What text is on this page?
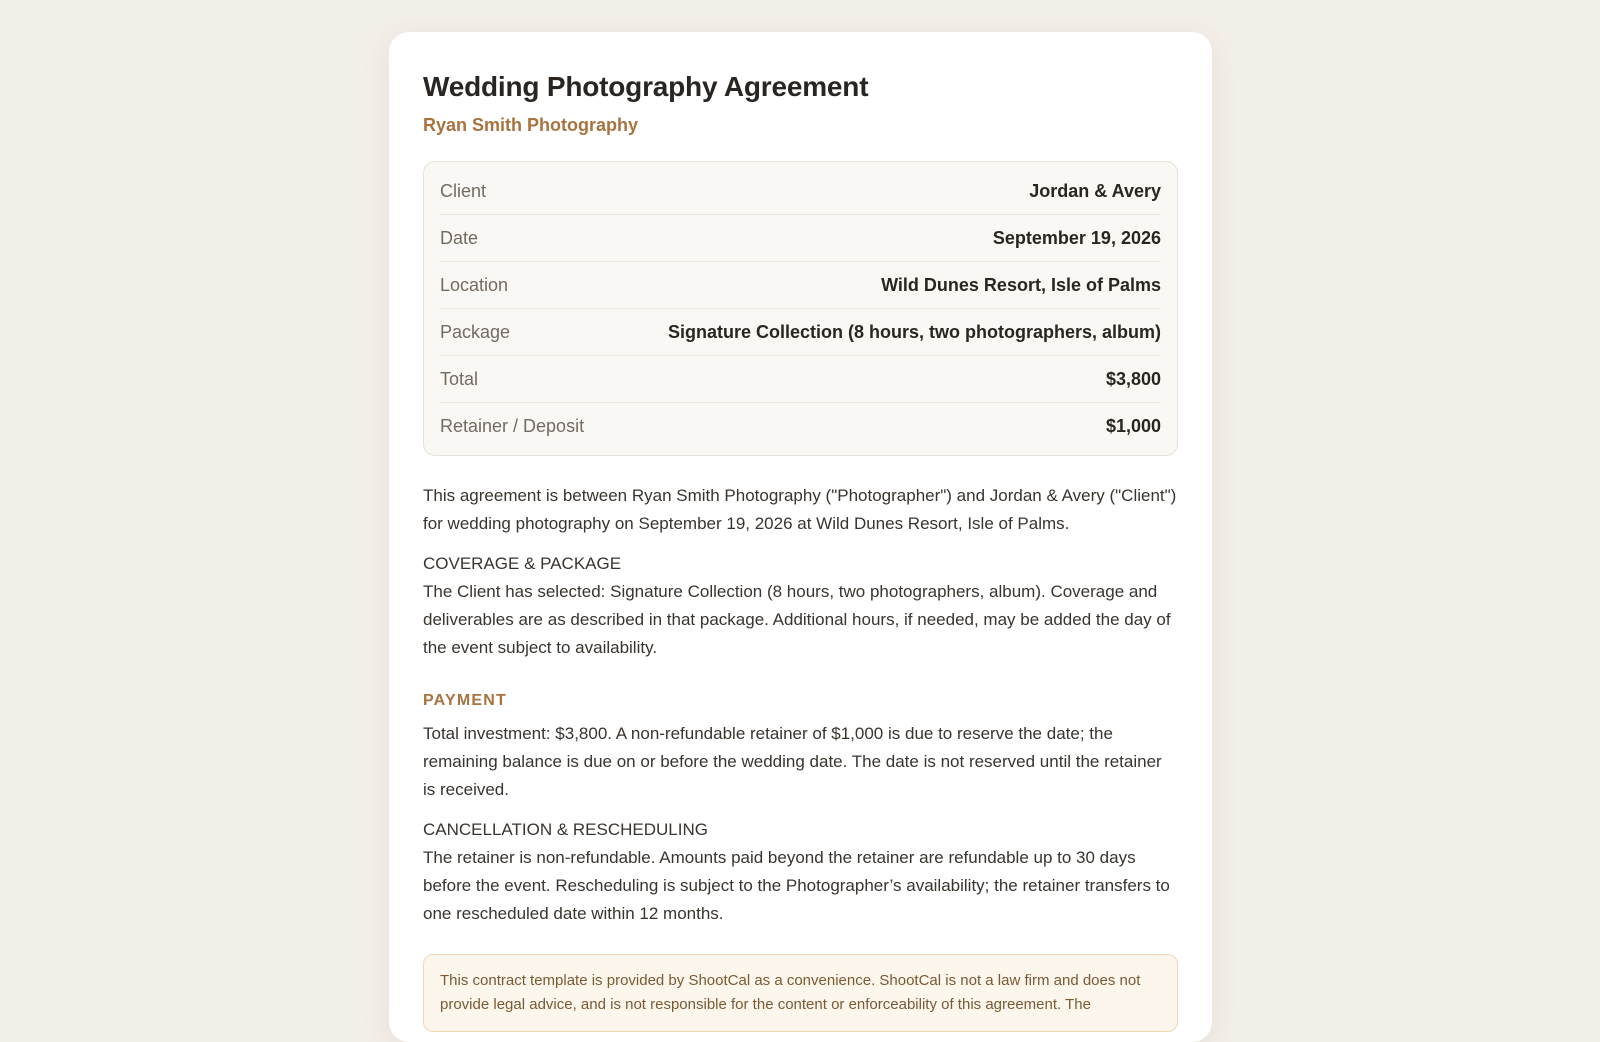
Wedding Photography Agreement
Ryan Smith Photography
Client	Jordan & Avery
Date	September 19, 2026
Location	Wild Dunes Resort, Isle of Palms
Package	Signature Collection (8 hours, two photographers, album)
Total	$3,800
Retainer / Deposit	$1,000

This agreement is between Ryan Smith Photography ("Photographer") and Jordan & Avery ("Client") for wedding photography on September 19, 2026 at Wild Dunes Resort, Isle of Palms.

COVERAGE & PACKAGE

The Client has selected: Signature Collection (8 hours, two photographers, album). Coverage and deliverables are as described in that package. Additional hours, if needed, may be added the day of the event subject to availability.

PAYMENT

Total investment: $3,800. A non-refundable retainer of $1,000 is due to reserve the date; the remaining balance is due on or before the wedding date. The date is not reserved until the retainer is received.

CANCELLATION & RESCHEDULING

The retainer is non-refundable. Amounts paid beyond the retainer are refundable up to 30 days before the event. Rescheduling is subject to the Photographer’s availability; the retainer transfers to one rescheduled date within 12 months.

This contract template is provided by ShootCal as a convenience. ShootCal is not a law firm and does not provide legal advice, and is not responsible for the content or enforceability of this agreement. The
